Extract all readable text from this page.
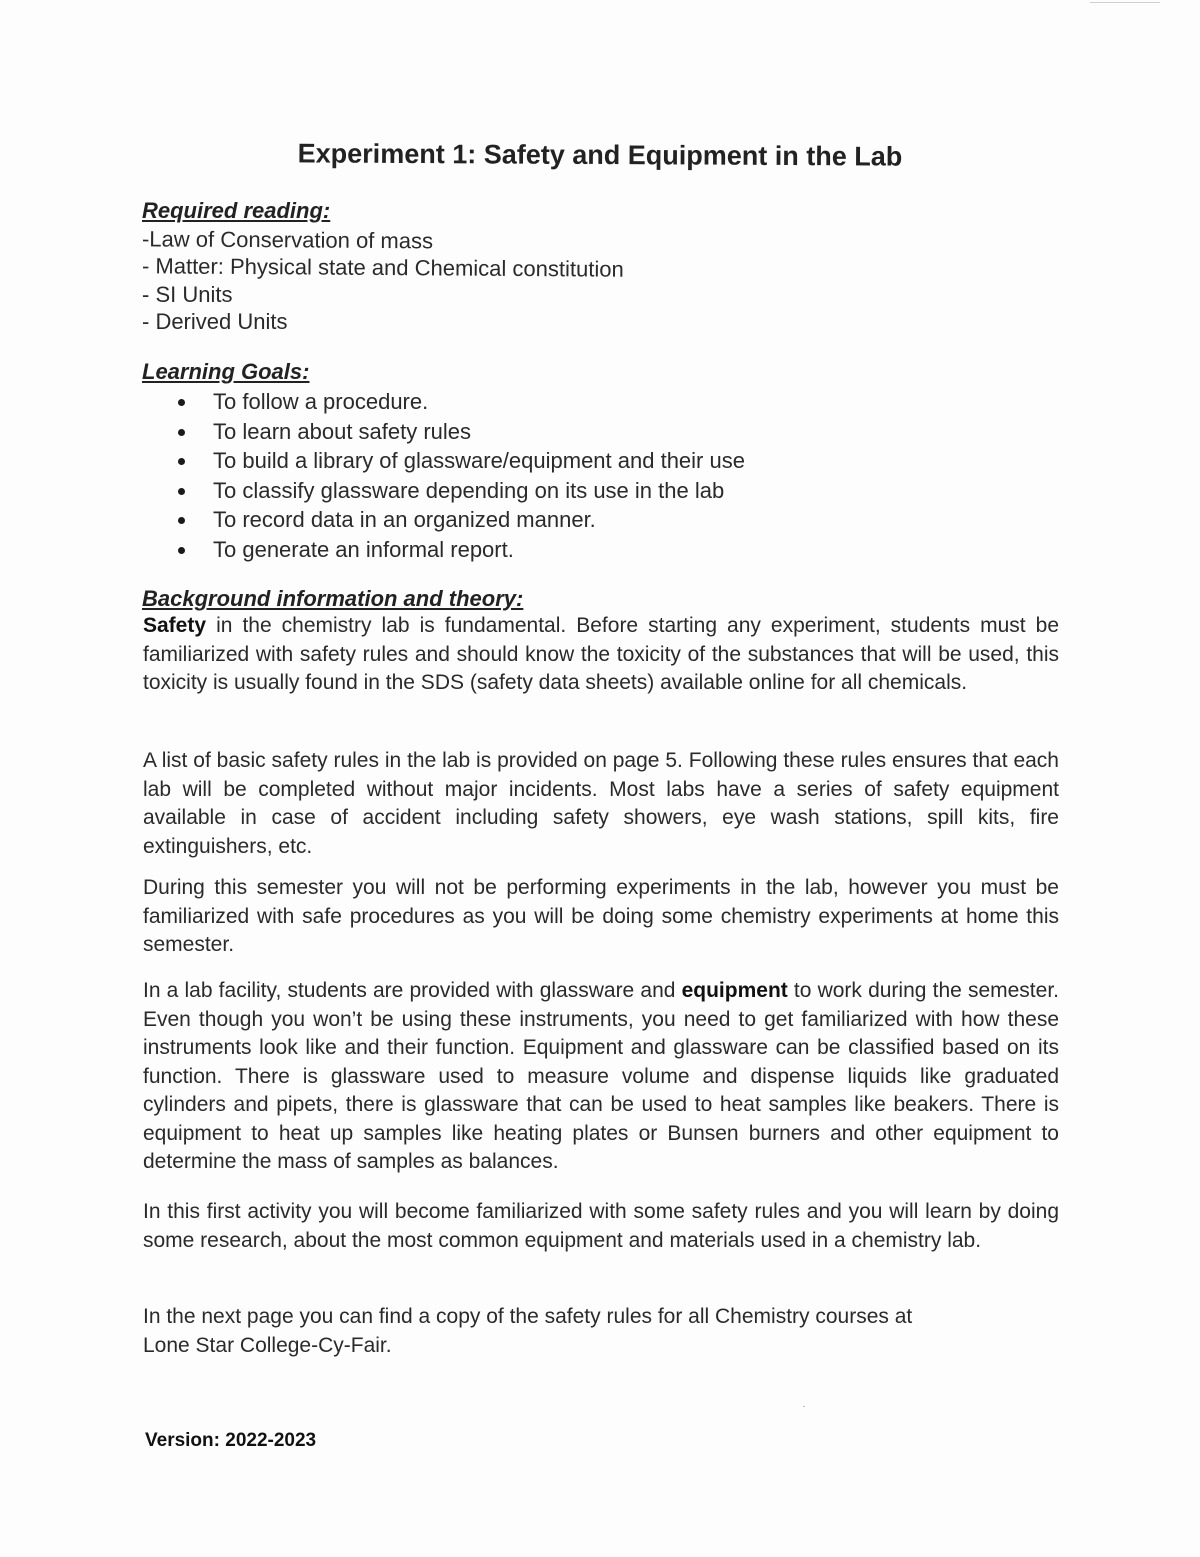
Experiment 1: Safety and Equipment in the Lab
Required reading:
-Law of Conservation of mass
- Matter: Physical state and Chemical constitution
- SI Units
- Derived Units
Learning Goals:
To follow a procedure.
To learn about safety rules
To build a library of glassware/equipment and their use
To classify glassware depending on its use in the lab
To record data in an organized manner.
To generate an informal report.
Background information and theory:

Safety in the chemistry lab is fundamental. Before starting any experiment, students must be familiarized with safety rules and should know the toxicity of the substances that will be used, this toxicity is usually found in the SDS (safety data sheets) available online for all chemicals.

A list of basic safety rules in the lab is provided on page 5. Following these rules ensures that each lab will be completed without major incidents. Most labs have a series of safety equipment available in case of accident including safety showers, eye wash stations, spill kits, fire extinguishers, etc.

During this semester you will not be performing experiments in the lab, however you must be familiarized with safe procedures as you will be doing some chemistry experiments at home this semester.

In a lab facility, students are provided with glassware and equipment to work during the semester. Even though you won’t be using these instruments, you need to get familiarized with how these instruments look like and their function. Equipment and glassware can be classified based on its function. There is glassware used to measure volume and dispense liquids like graduated cylinders and pipets, there is glassware that can be used to heat samples like beakers. There is equipment to heat up samples like heating plates or Bunsen burners and other equipment to determine the mass of samples as balances.

In this first activity you will become familiarized with some safety rules and you will learn by doing some research, about the most common equipment and materials used in a chemistry lab.

In the next page you can find a copy of the safety rules for all Chemistry courses at
Lone Star College-Cy-Fair.

Version: 2022-2023
